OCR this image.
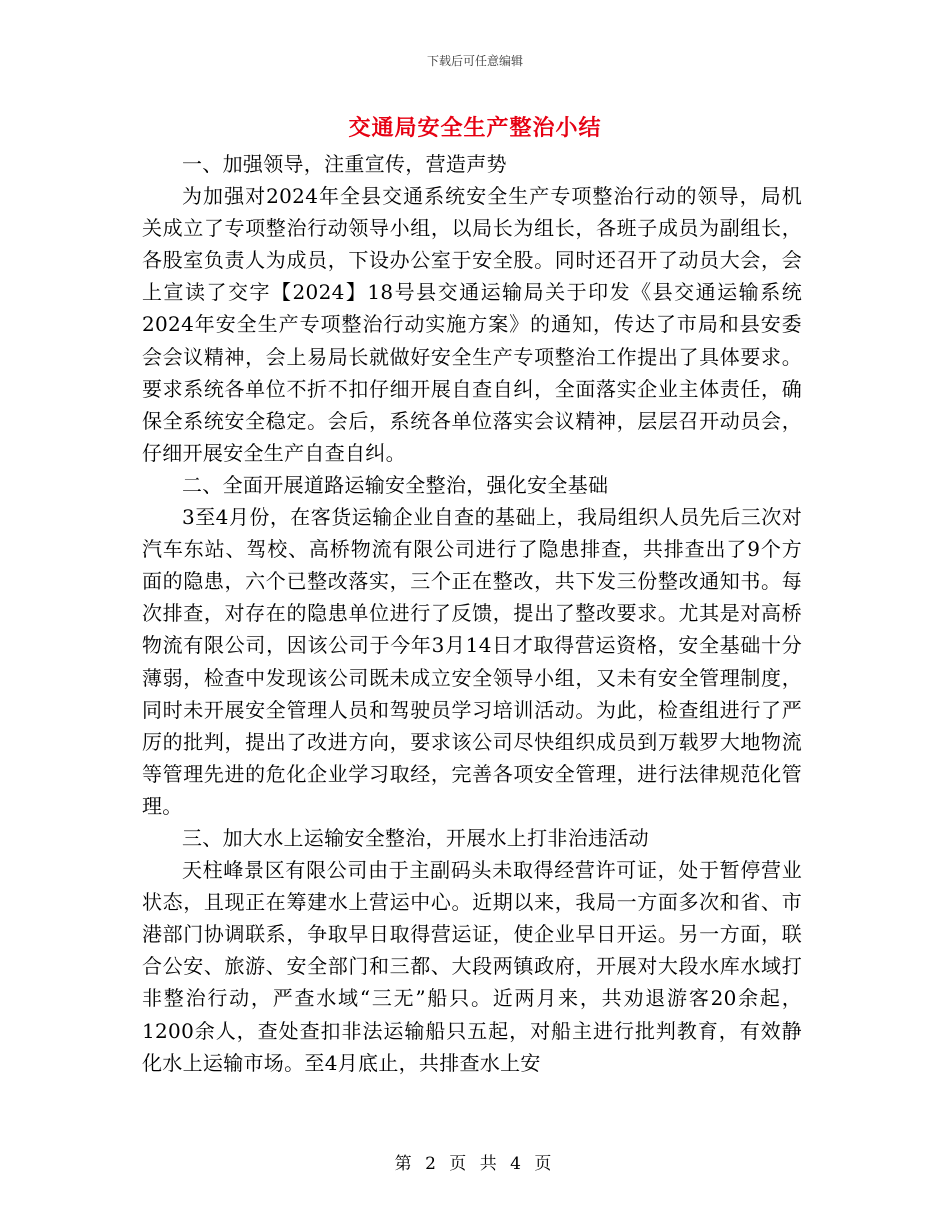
下载后可任意编辑
交通局安全生产整治小结

一、加强领导，注重宣传，营造声势

为加强对2024年全县交通系统安全生产专项整治行动的领导，局机关成立了专项整治行动领导小组，以局长为组长，各班子成员为副组长，各股室负责人为成员，下设办公室于安全股。同时还召开了动员大会，会上宣读了交字【2024】18号县交通运输局关于印发《县交通运输系统2024年安全生产专项整治行动实施方案》的通知，传达了市局和县安委会会议精神，会上易局长就做好安全生产专项整治工作提出了具体要求。要求系统各单位不折不扣仔细开展自查自纠，全面落实企业主体责任，确保全系统安全稳定。会后，系统各单位落实会议精神，层层召开动员会，仔细开展安全生产自查自纠。

二、全面开展道路运输安全整治，强化安全基础

3至4月份，在客货运输企业自查的基础上，我局组织人员先后三次对汽车东站、驾校、高桥物流有限公司进行了隐患排查，共排查出了9个方面的隐患，六个已整改落实，三个正在整改，共下发三份整改通知书。每次排查，对存在的隐患单位进行了反馈，提出了整改要求。尤其是对高桥物流有限公司，因该公司于今年3月14日才取得营运资格，安全基础十分薄弱，检查中发现该公司既未成立安全领导小组，又未有安全管理制度，同时未开展安全管理人员和驾驶员学习培训活动。为此，检查组进行了严厉的批判，提出了改进方向，要求该公司尽快组织成员到万载罗大地物流等管理先进的危化企业学习取经，完善各项安全管理，进行法律规范化管理。

三、加大水上运输安全整治，开展水上打非治违活动

天柱峰景区有限公司由于主副码头未取得经营许可证，处于暂停营业状态，且现正在筹建水上营运中心。近期以来，我局一方面多次和省、市港部门协调联系，争取早日取得营运证，使企业早日开运。另一方面，联合公安、旅游、安全部门和三都、大段两镇政府，开展对大段水库水域打非整治行动，严查水域“三无”船只。近两月来，共劝退游客20余起，1200余人，查处查扣非法运输船只五起，对船主进行批判教育，有效静化水上运输市场。至4月底止，共排查水上安

第 2 页 共 4 页
